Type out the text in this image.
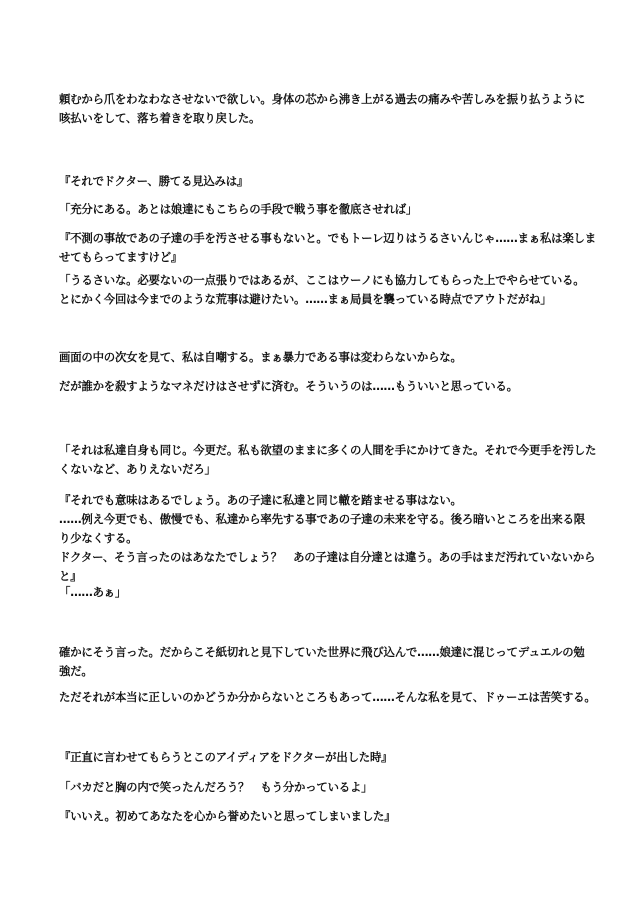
頼むから爪をわなわなさせないで欲しい。身体の芯から沸き上がる過去の痛みや苦しみを振り払うように
咳払いをして、落ち着きを取り戻した。
『それでドクター、勝てる見込みは』
「充分にある。あとは娘達にもこちらの手段で戦う事を徹底させれば」
『不測の事故であの子達の手を汚させる事もないと。でもトーレ辺りはうるさいんじゃ……まぁ私は楽しま
せてもらってますけど』
「うるさいな。必要ないの一点張りではあるが、ここはウーノにも協力してもらった上でやらせている。
とにかく今回は今までのような荒事は避けたい。……まぁ局員を襲っている時点でアウトだがね」
画面の中の次女を見て、私は自嘲する。まぁ暴力である事は変わらないからな。
だが誰かを殺すようなマネだけはさせずに済む。そういうのは……もういいと思っている。
「それは私達自身も同じ。今更だ。私も欲望のままに多くの人間を手にかけてきた。それで今更手を汚した
くないなど、ありえないだろ」
『それでも意味はあるでしょう。あの子達に私達と同じ轍を踏ませる事はない。
……例え今更でも、傲慢でも、私達から率先する事であの子達の未来を守る。後ろ暗いところを出来る限
り少なくする。
ドクター、そう言ったのはあなたでしょう？　あの子達は自分達とは違う。あの手はまだ汚れていないから
と』
「……あぁ」
確かにそう言った。だからこそ紙切れと見下していた世界に飛び込んで……娘達に混じってデュエルの勉
強だ。
ただそれが本当に正しいのかどうか分からないところもあって……そんな私を見て、ドゥーエは苦笑する。
『正直に言わせてもらうとこのアイディアをドクターが出した時』
「バカだと胸の内で笑ったんだろう？　もう分かっているよ」
『いいえ。初めてあなたを心から誉めたいと思ってしまいました』
